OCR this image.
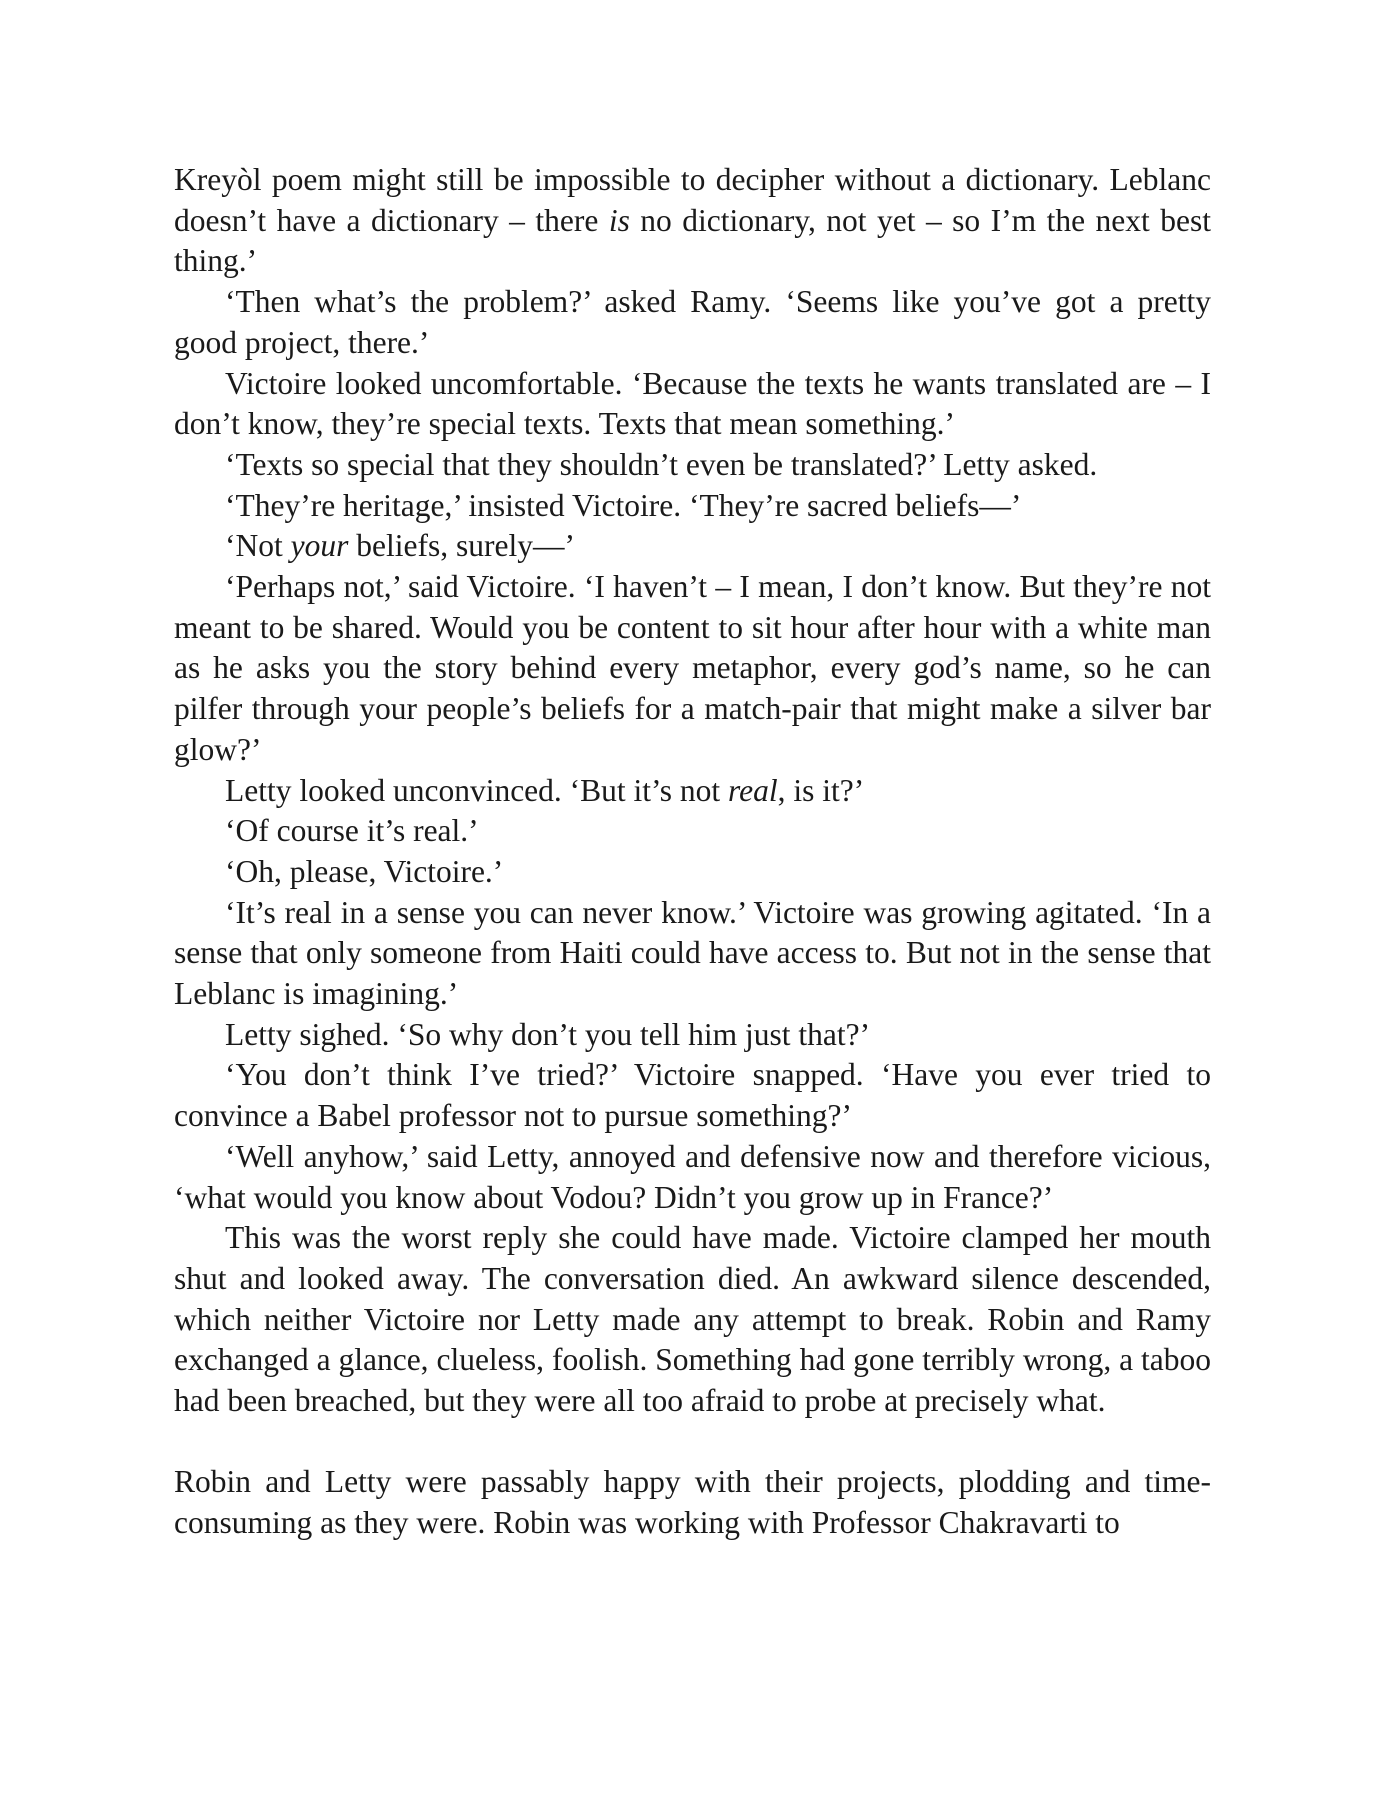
Kreyòl poem might still be impossible to decipher without a dictionary. Leblanc doesn’t have a dictionary – there is no dictionary, not yet – so I’m the next best thing.’

‘Then what’s the problem?’ asked Ramy. ‘Seems like you’ve got a pretty good project, there.’

Victoire looked uncomfortable. ‘Because the texts he wants translated are – I don’t know, they’re special texts. Texts that mean something.’

‘Texts so special that they shouldn’t even be translated?’ Letty asked.

‘They’re heritage,’ insisted Victoire. ‘They’re sacred beliefs—’

‘Not your beliefs, surely—’

‘Perhaps not,’ said Victoire. ‘I haven’t – I mean, I don’t know. But they’re not meant to be shared. Would you be content to sit hour after hour with a white man as he asks you the story behind every metaphor, every god’s name, so he can pilfer through your people’s beliefs for a match-pair that might make a silver bar glow?’

Letty looked unconvinced. ‘But it’s not real, is it?’

‘Of course it’s real.’

‘Oh, please, Victoire.’

‘It’s real in a sense you can never know.’ Victoire was growing agitated. ‘In a sense that only someone from Haiti could have access to. But not in the sense that Leblanc is imagining.’

Letty sighed. ‘So why don’t you tell him just that?’

‘You don’t think I’ve tried?’ Victoire snapped. ‘Have you ever tried to convince a Babel professor not to pursue something?’

‘Well anyhow,’ said Letty, annoyed and defensive now and therefore vicious, ‘what would you know about Vodou? Didn’t you grow up in France?’

This was the worst reply she could have made. Victoire clamped her mouth shut and looked away. The conversation died. An awkward silence descended, which neither Victoire nor Letty made any attempt to break. Robin and Ramy exchanged a glance, clueless, foolish. Something had gone terribly wrong, a taboo had been breached, but they were all too afraid to probe at precisely what.

Robin and Letty were passably happy with their projects, plodding and time-consuming as they were. Robin was working with Professor Chakravarti to
